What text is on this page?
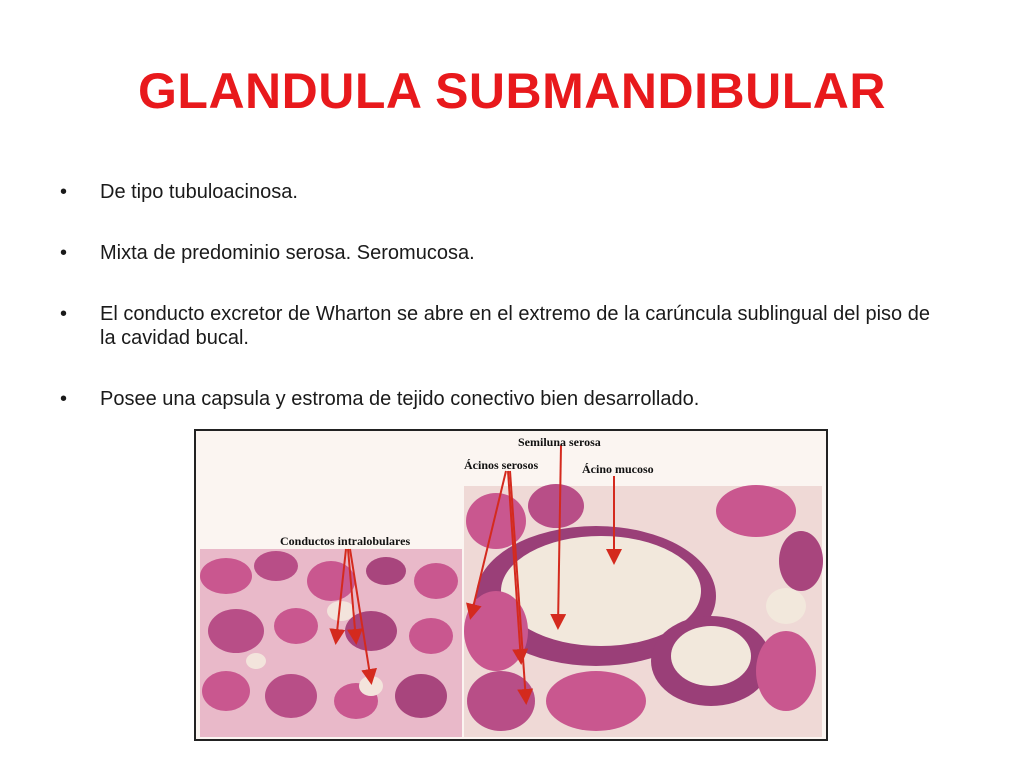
GLANDULA SUBMANDIBULAR
•	De tipo tubuloacinosa.
•	Mixta de predominio serosa. Seromucosa.
•	El conducto excretor de Wharton se abre en el extremo de la carúncula sublingual del piso de la cavidad bucal.
•	Posee una capsula y estroma de tejido conectivo bien desarrollado.
Conductos intralobulares
Semiluna serosa
Ácinos serosos	Ácino mucoso
